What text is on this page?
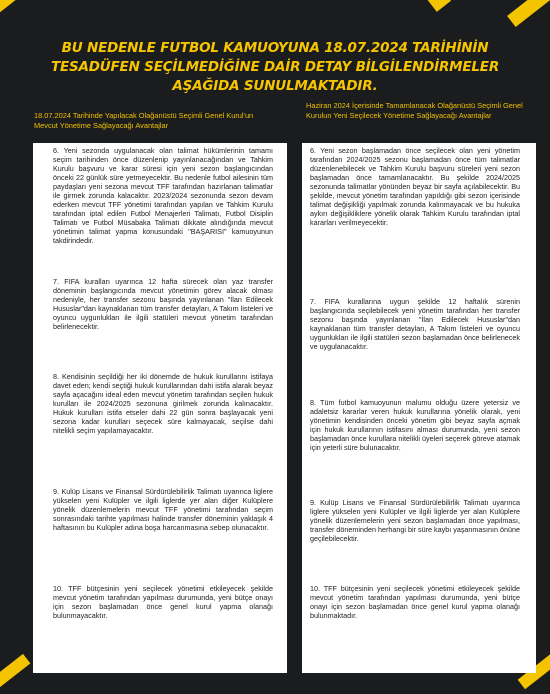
BU NEDENLE FUTBOL KAMUOYUNA 18.07.2024 TARİHİNİN
TESADÜFEN SEÇİLMEDİĞİNE DAİR DETAY BİLGİLENDİRMELER AŞAĞIDA SUNULMAKTADIR.
18.07.2024 Tarihinde Yapılacak Olağanüstü Seçimli Genel Kurul'un Mevcut Yönetime Sağlayacağı Avantajlar
Haziran 2024 İçerisinde Tamamlanacak Olağanüstü Seçimli Genel Kurulun Yeni Seçilecek Yönetime Sağlayacağı Avantajlar
6. Yeni sezonda uygulanacak olan talimat hükümlerinin tamamı seçim tarihinden önce düzenlenip yayınlanacağından ve Tahkim Kurulu başvuru ve karar süresi için yeni sezon başlangıcından önceki 22 günlük süre yetmeyecektir. Bu nedenle futbol ailesinin tüm paydaşları yeni sezona mevcut TFF tarafından hazırlanan talimatlar ile girmek zorunda kalacaktır. 2023/2024 sezonunda sezon devam ederken mevcut TFF yönetimi tarafından yapılan ve Tahkim Kurulu tarafından iptal edilen Futbol Menajerleri Talimatı, Futbol Disiplin Talimatı ve Futbol Müsabaka Talimatı dikkate alındığında mevcut yönetimin talimat yapma konusundaki "BAŞARISI" kamuoyunun takdirindedir.
7. FIFA kuralları uyarınca 12 hafta sürecek olan yaz transfer döneminin başlangıcında mevcut yönetimin görev alacak olması nedeniyle, her transfer sezonu başında yayınlanan "İlan Edilecek Hususlar"dan kaynaklanan tüm transfer detayları, A Takım listeleri ve oyuncu uygunlukları ile ilgili statüleri mevcut yönetim tarafından belirlenecektir.
8. Kendisinin seçildiği her iki dönemde de hukuk kurullarını istifaya davet eden; kendi seçtiği hukuk kurullarından dahi istifa alarak beyaz sayfa açacağını ideal eden mevcut yönetim tarafından seçilen hukuk kurulları ile 2024/2025 sezonuna girilmek zorunda kalınacaktır. Hukuk kurulları istifa etseler dahi 22 gün sonra başlayacak yeni sezona kadar kurulları seçecek süre kalmayacak, seçilse dahi nitelikli seçim yapılamayacaktır.
9. Kulüp Lisans ve Finansal Sürdürülebilirlik Talimatı uyarınca liglere yükselen yeni Kulüpler ve ilgili liglerde yer alan diğer Kulüplere yönelik düzenlemelerin mevcut TFF yönetimi tarafından seçim sonrasındaki tarihte yapılması halinde transfer döneminin yaklaşık 4 haftasının bu Kulüpler adına boşa harcanmasına sebep olunacaktır.
10. TFF bütçesinin yeni seçilecek yönetimi etkileyecek şekilde mevcut yönetim tarafından yapılması durumunda, yeni bütçe onayı için sezon başlamadan önce genel kurul yapma olanağı bulunmayacaktır.
6. Yeni sezon başlamadan önce seçilecek olan yeni yönetim tarafından 2024/2025 sezonu başlamadan önce tüm talimatlar düzenlenebilecek ve Tahkim Kurulu başvuru süreleri yeni sezon başlamadan önce tamamlanacaktır. Bu şekilde 2024/2025 sezonunda talimatlar yönünden beyaz bir sayfa açılabilecektir. Bu şekilde, mevcut yönetim tarafından yapıldığı gibi sezon içerisinde talimat değişikliği yapılmak zorunda kalınmayacak ve bu hukuka aykırı değişikliklere yönelik olarak Tahkim Kurulu tarafından iptal kararları verilmeyecektir.
7. FIFA kurallarına uygun şekilde 12 haftalık sürenin başlangıcında seçilebilecek yeni yönetim tarafından her transfer sezonu başında yayınlanan "İlan Edilecek Hususlar"dan kaynaklanan tüm transfer detayları, A Takım listeleri ve oyuncu uygunlukları ile ilgili statüleri sezon başlamadan önce belirlenecek ve uygulanacaktır.
8. Tüm futbol kamuoyunun malumu olduğu üzere yetersiz ve adaletsiz kararlar veren hukuk kurullarına yönelik olarak, yeni yönetimin kendisinden önceki yönetim gibi beyaz sayfa açmak için hukuk kurullarının istifasını alması durumunda, yeni sezon başlamadan önce kurullara nitelikli üyeleri seçerek göreve atamak için yeterli süre bulunacaktır.
9. Kulüp Lisans ve Finansal Sürdürülebilirlik Talimatı uyarınca liglere yükselen yeni Kulüpler ve ilgili liglerde yer alan Kulüplere yönelik düzenlemelerin yeni sezon başlamadan önce yapılması, transfer döneminden herhangi bir süre kaybı yaşanmasının önüne geçilebilecektir.
10. TFF bütçesinin yeni seçilecek yönetimi etkileyecek şekilde mevcut yönetim tarafından yapılması durumunda, yeni bütçe onayı için sezon başlamadan önce genel kurul yapma olanağı bulunmaktadır.
